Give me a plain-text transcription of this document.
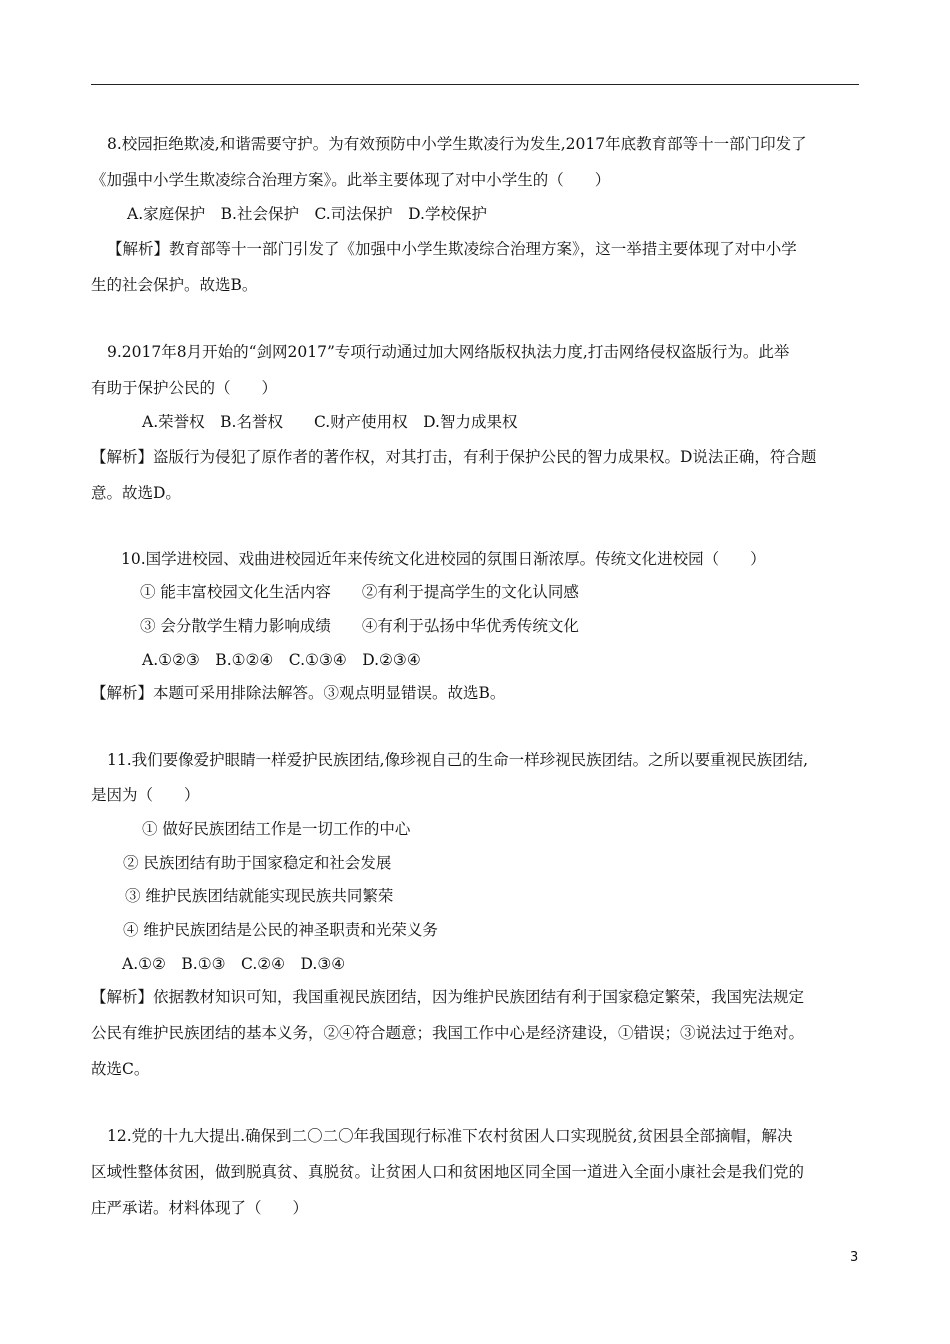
8.校园拒绝欺凌,和谐需要守护。为有效预防中小学生欺凌行为发生,2017年底教育部等十一部门印发了
《加强中小学生欺凌综合治理方案》。此举主要体现了对中小学生的（　　）
A.家庭保护　B.社会保护　C.司法保护　D.学校保护
【解析】教育部等十一部门引发了《加强中小学生欺凌综合治理方案》，这一举措主要体现了对中小学
生的社会保护。故选B。
9.2017年8月开始的“剑网2017”专项行动通过加大网络版权执法力度,打击网络侵权盗版行为。此举
有助于保护公民的（　　）
A.荣誉权　B.名誉权　　C.财产使用权　D.智力成果权
【解析】盗版行为侵犯了原作者的著作权，对其打击，有利于保护公民的智力成果权。D说法正确，符合题
意。故选D。
10.国学进校园、戏曲进校园近年来传统文化进校园的氛围日渐浓厚。传统文化进校园（　　）
① 能丰富校园文化生活内容　　②有利于提高学生的文化认同感
③ 会分散学生精力影响成绩　　④有利于弘扬中华优秀传统文化
A.①②③　B.①②④　C.①③④　D.②③④
【解析】本题可采用排除法解答。③观点明显错误。故选B。
11.我们要像爱护眼睛一样爱护民族团结,像珍视自己的生命一样珍视民族团结。之所以要重视民族团结,
是因为（　　）
① 做好民族团结工作是一切工作的中心
② 民族团结有助于国家稳定和社会发展
③ 维护民族团结就能实现民族共同繁荣
④ 维护民族团结是公民的神圣职责和光荣义务
A.①②　B.①③　C.②④　D.③④
【解析】依据教材知识可知，我国重视民族团结，因为维护民族团结有利于国家稳定繁荣，我国宪法规定
公民有维护民族团结的基本义务，②④符合题意；我国工作中心是经济建设，①错误；③说法过于绝对。
故选C。
12.党的十九大提出.确保到二〇二〇年我国现行标准下农村贫困人口实现脱贫,贫困县全部摘帽，解决
区域性整体贫困，做到脱真贫、真脱贫。让贫困人口和贫困地区同全国一道进入全面小康社会是我们党的
庄严承诺。材料体现了（　　）
3
